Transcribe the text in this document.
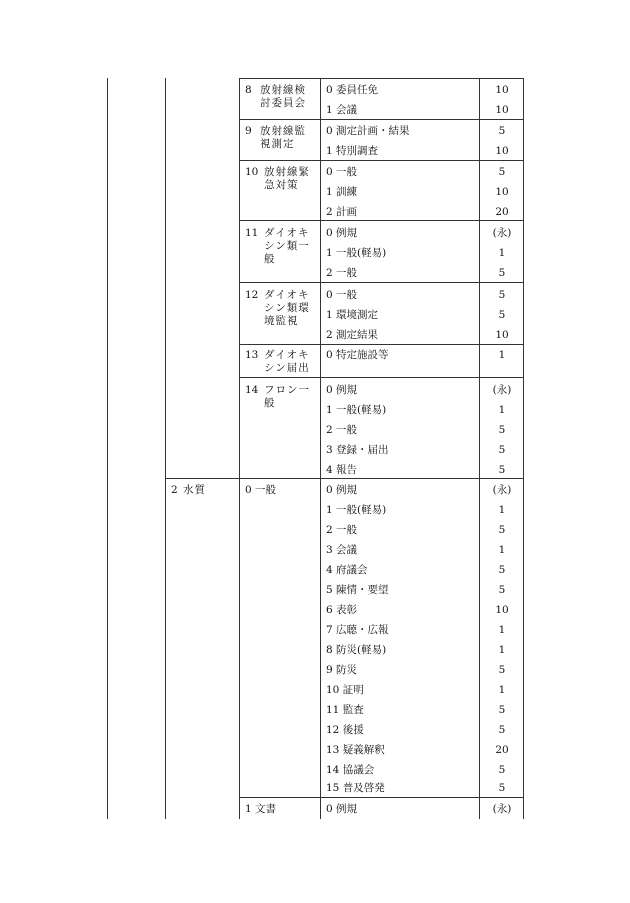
8 放射線検討委員会
0 委員任免	10
1 会議	10
9 放射線監視測定
0 測定計画・結果	5
1 特別調査	10
10 放射線緊急対策
0 一般	5
1 訓練	10
2 計画	20
11 ダイオキシン類一般
0 例規	(永)
1 一般(軽易)	1
2 一般	5
12 ダイオキシン類環境監視
0 一般	5
1 環境測定	5
2 測定結果	10
13 ダイオキシン届出
0 特定施設等	1
14 フロン一般
0 例規	(永)
1 一般(軽易)	1
2 一般	5
3 登録・届出	5
4 報告	5
2 水質	0 一般	0 例規	(永)
1 一般(軽易)	1
2 一般	5
3 会議	1
4 府議会	5
5 陳情・要望	5
6 表彰	10
7 広聴・広報	1
8 防災(軽易)	1
9 防災	5
10 証明	1
11 監査	5
12 後援	5
13 疑義解釈	20
14 協議会	5
15 普及啓発	5
1 文書	0 例規	(永)
